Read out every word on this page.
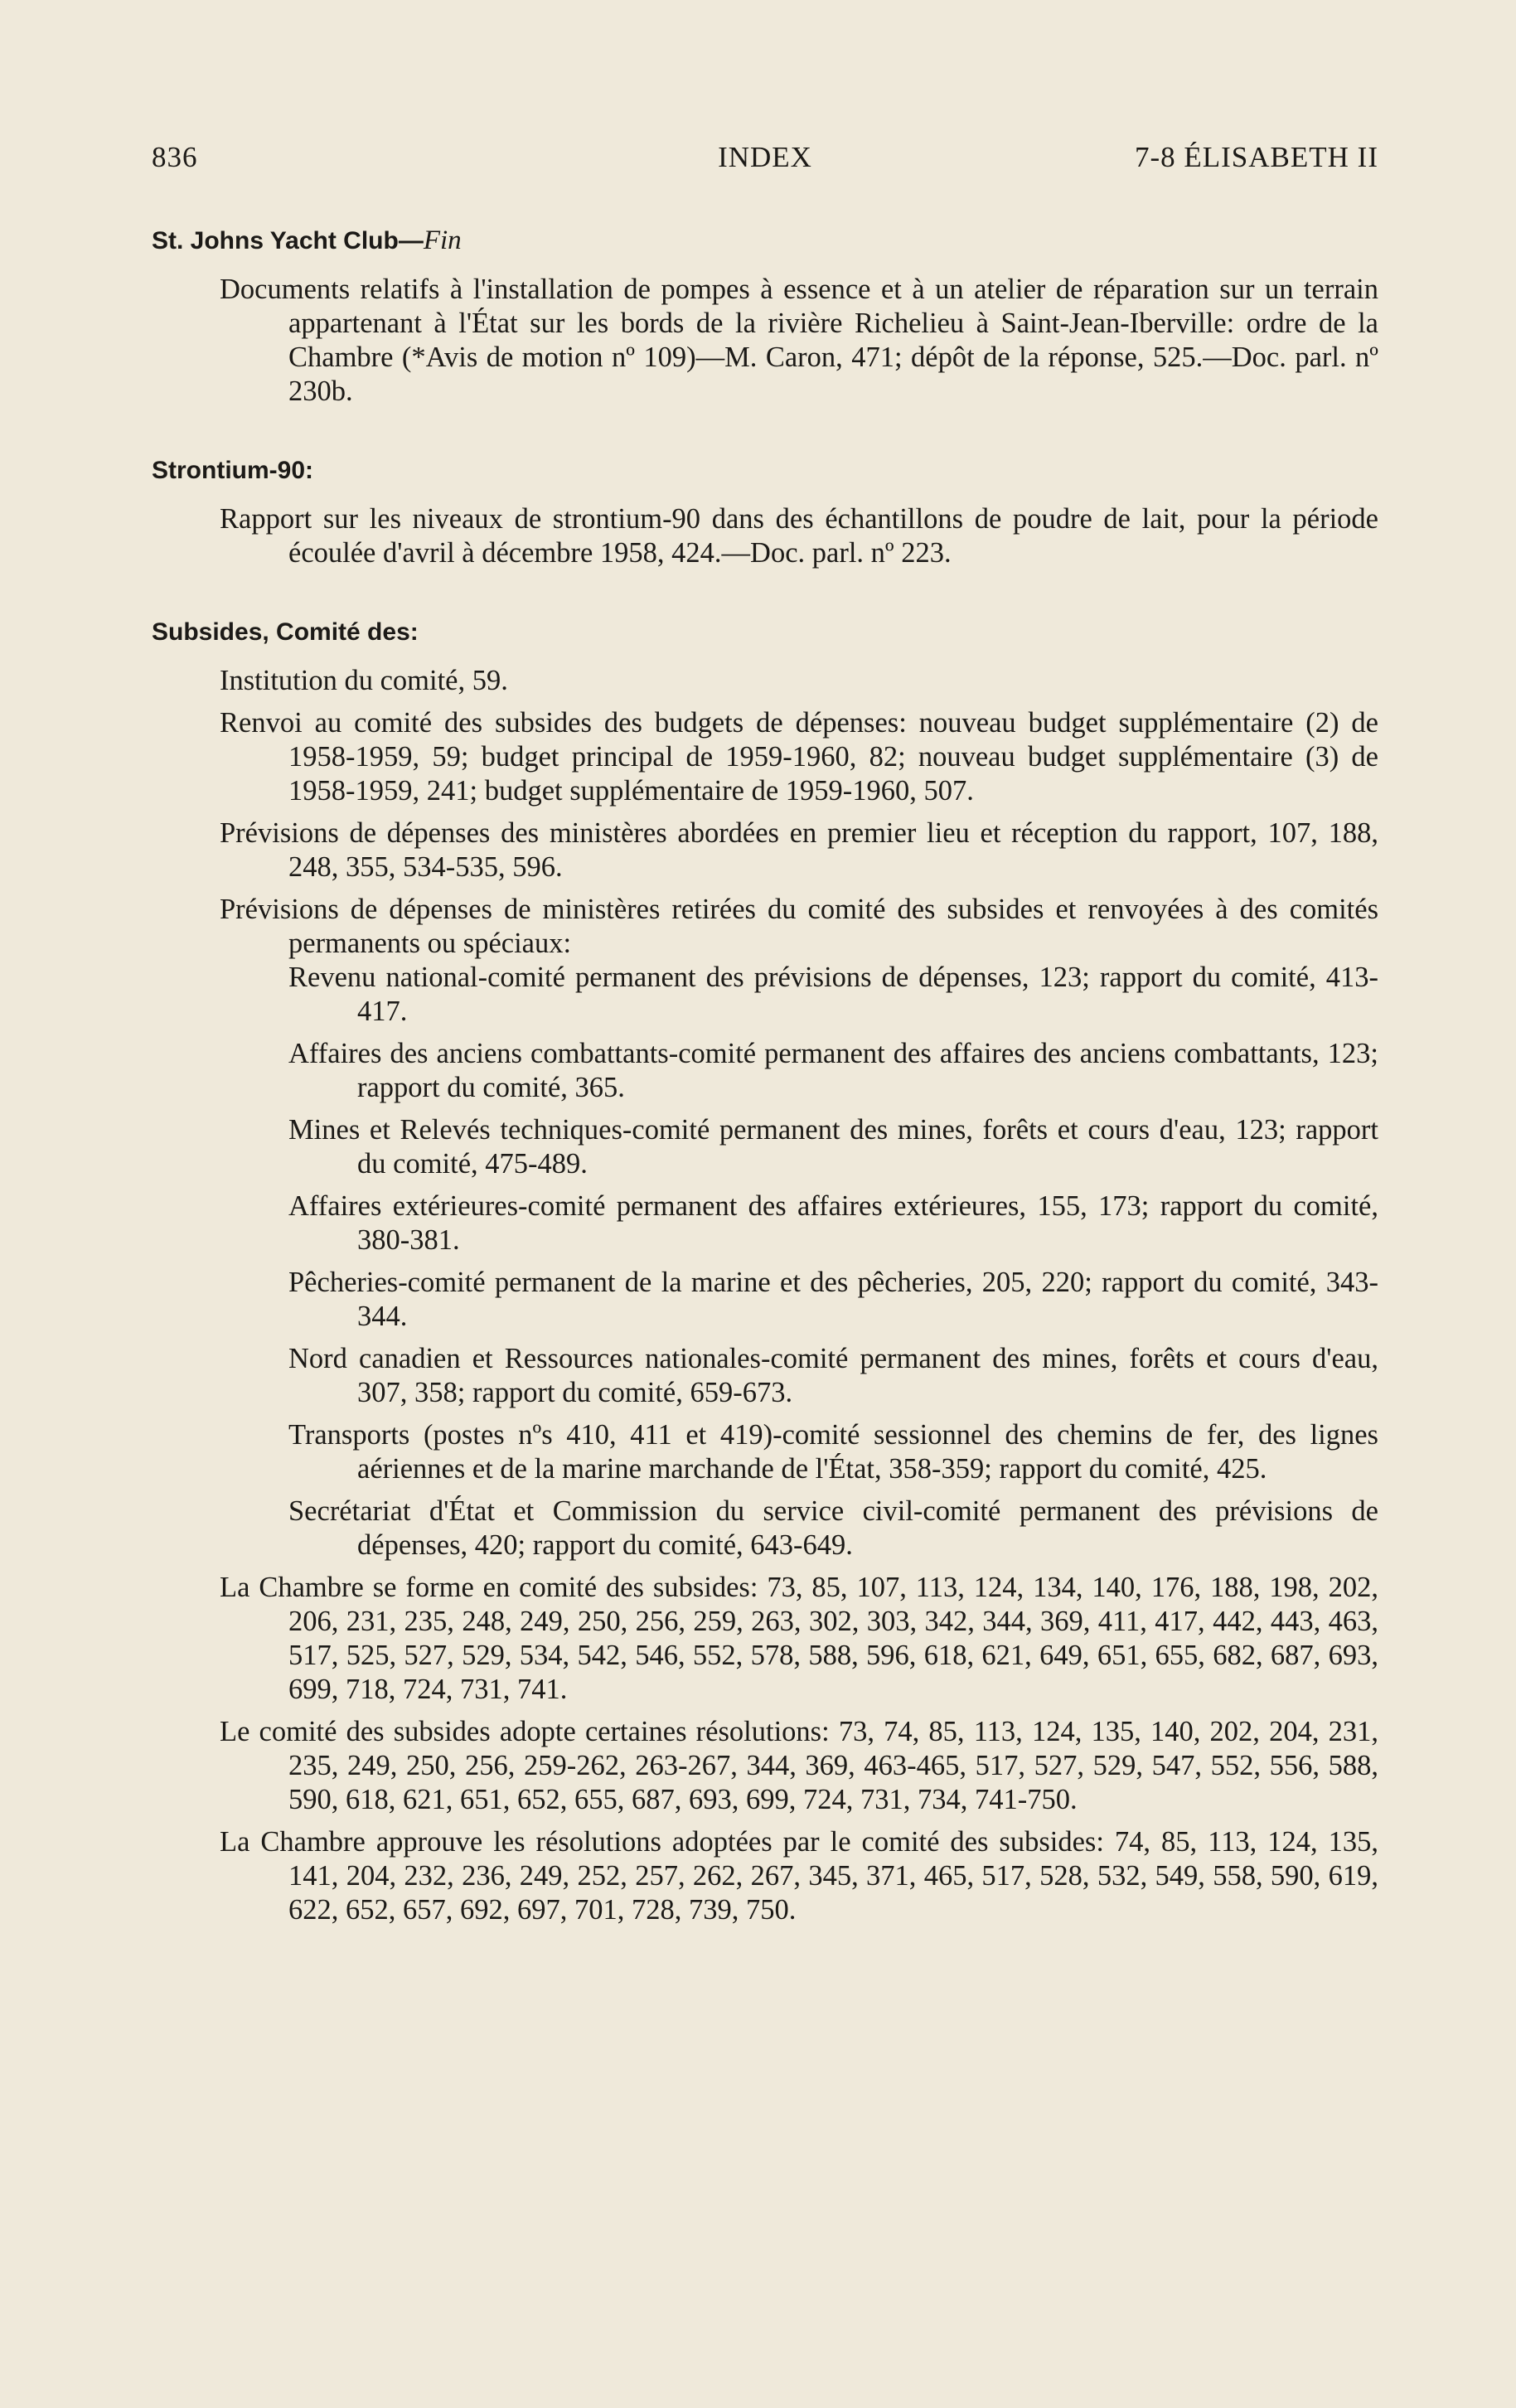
INDEX
836	7-8 ÉLISABETH II

St. Johns Yacht Club—Fin

Documents relatifs à l'installation de pompes à essence et à un atelier de réparation sur un terrain appartenant à l'État sur les bords de la rivière Richelieu à Saint-Jean-Iberville: ordre de la Chambre (*Avis de motion nº 109)—M. Caron, 471; dépôt de la réponse, 525.—Doc. parl. nº 230b.

Strontium-90:

Rapport sur les niveaux de strontium-90 dans des échantillons de poudre de lait, pour la période écoulée d'avril à décembre 1958, 424.—Doc. parl. nº 223.

Subsides, Comité des:

Institution du comité, 59.

Renvoi au comité des subsides des budgets de dépenses: nouveau budget supplémentaire (2) de 1958-1959, 59; budget principal de 1959-1960, 82; nouveau budget supplémentaire (3) de 1958-1959, 241; budget supplémentaire de 1959-1960, 507.

Prévisions de dépenses des ministères abordées en premier lieu et réception du rapport, 107, 188, 248, 355, 534-535, 596.

Prévisions de dépenses de ministères retirées du comité des subsides et renvoyées à des comités permanents ou spéciaux:

Revenu national-comité permanent des prévisions de dépenses, 123; rapport du comité, 413-417.

Affaires des anciens combattants-comité permanent des affaires des anciens combattants, 123; rapport du comité, 365.

Mines et Relevés techniques-comité permanent des mines, forêts et cours d'eau, 123; rapport du comité, 475-489.

Affaires extérieures-comité permanent des affaires extérieures, 155, 173; rapport du comité, 380-381.

Pêcheries-comité permanent de la marine et des pêcheries, 205, 220; rapport du comité, 343-344.

Nord canadien et Ressources nationales-comité permanent des mines, forêts et cours d'eau, 307, 358; rapport du comité, 659-673.

Transports (postes nºs 410, 411 et 419)-comité sessionnel des chemins de fer, des lignes aériennes et de la marine marchande de l'État, 358-359; rapport du comité, 425.

Secrétariat d'État et Commission du service civil-comité permanent des prévisions de dépenses, 420; rapport du comité, 643-649.

La Chambre se forme en comité des subsides: 73, 85, 107, 113, 124, 134, 140, 176, 188, 198, 202, 206, 231, 235, 248, 249, 250, 256, 259, 263, 302, 303, 342, 344, 369, 411, 417, 442, 443, 463, 517, 525, 527, 529, 534, 542, 546, 552, 578, 588, 596, 618, 621, 649, 651, 655, 682, 687, 693, 699, 718, 724, 731, 741.

Le comité des subsides adopte certaines résolutions: 73, 74, 85, 113, 124, 135, 140, 202, 204, 231, 235, 249, 250, 256, 259-262, 263-267, 344, 369, 463-465, 517, 527, 529, 547, 552, 556, 588, 590, 618, 621, 651, 652, 655, 687, 693, 699, 724, 731, 734, 741-750.

La Chambre approuve les résolutions adoptées par le comité des subsides: 74, 85, 113, 124, 135, 141, 204, 232, 236, 249, 252, 257, 262, 267, 345, 371, 465, 517, 528, 532, 549, 558, 590, 619, 622, 652, 657, 692, 697, 701, 728, 739, 750.
